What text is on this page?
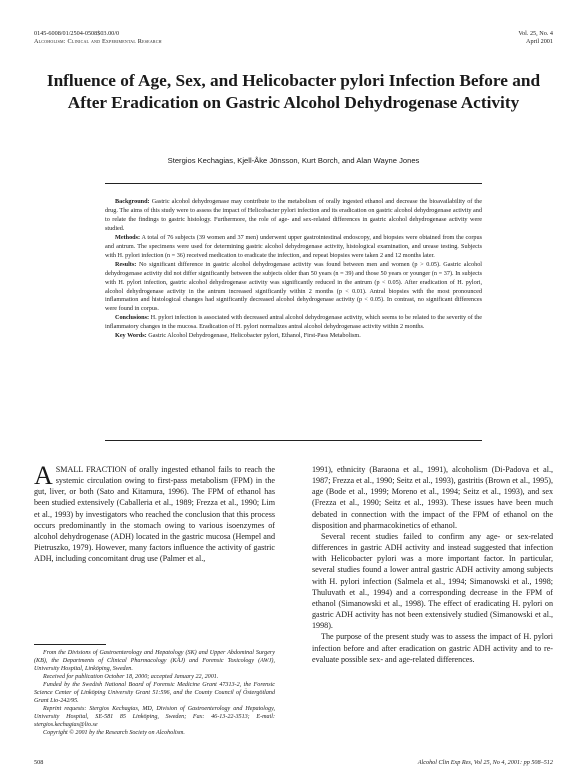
0145-6008/01/2504-0508$03.00/0
Alcoholism: Clinical and Experimental Research
Vol. 25, No. 4
April 2001
Influence of Age, Sex, and Helicobacter pylori Infection Before and After Eradication on Gastric Alcohol Dehydrogenase Activity
Stergios Kechagias, Kjell-Åke Jönsson, Kurt Borch, and Alan Wayne Jones

Background: Gastric alcohol dehydrogenase may contribute to the metabolism of orally ingested ethanol and decrease the bioavailability of the drug. The aims of this study were to assess the impact of Helicobacter pylori infection and its eradication on gastric alcohol dehydrogenase activity and to relate the findings to gastric histology. Furthermore, the role of age- and sex-related differences in gastric alcohol dehydrogenase activity were studied.

Methods: A total of 76 subjects (39 women and 37 men) underwent upper gastrointestinal endoscopy, and biopsies were obtained from the corpus and antrum. The specimens were used for determining gastric alcohol dehydrogenase activity, histological examination, and urease testing. Subjects with H. pylori infection (n = 36) received medication to eradicate the infection, and repeat biopsies were taken 2 and 12 months later.

Results: No significant difference in gastric alcohol dehydrogenase activity was found between men and women (p > 0.05). Gastric alcohol dehydrogenase activity did not differ significantly between the subjects older than 50 years (n = 39) and those 50 years or younger (n = 37). In subjects with H. pylori infection, gastric alcohol dehydrogenase activity was significantly reduced in the antrum (p < 0.05). After eradication of H. pylori, alcohol dehydrogenase activity in the antrum increased significantly within 2 months (p < 0.01). Antral biopsies with the most pronounced inflammation and histological changes had significantly decreased alcohol dehydrogenase activity (p < 0.05). In contrast, no significant differences were found in corpus.

Conclusions: H. pylori infection is associated with decreased antral alcohol dehydrogenase activity, which seems to be related to the severity of the inflammatory changes in the mucosa. Eradication of H. pylori normalizes antral alcohol dehydrogenase activity within 2 months.

Key Words: Gastric Alcohol Dehydrogenase, Helicobacter pylori, Ethanol, First-Pass Metabolism.

ASMALL FRACTION of orally ingested ethanol fails to reach the systemic circulation owing to first-pass metabolism (FPM) in the gut, liver, or both (Sato and Kitamura, 1996). The FPM of ethanol has been studied extensively (Caballeria et al., 1989; Frezza et al., 1990; Lim et al., 1993) by investigators who reached the conclusion that this process occurs predominantly in the stomach owing to various isoenzymes of alcohol dehydrogenase (ADH) located in the gastric mucosa (Hempel and Pietruszko, 1979). However, many factors influence the activity of gastric ADH, including concomitant drug use (Palmer et al.,

From the Divisions of Gastroenterology and Hepatology (SK) and Upper Abdominal Surgery (KB), the Departments of Clinical Pharmacology (KÅJ) and Forensic Toxicology (AWJ), University Hospital, Linköping, Sweden.

Received for publication October 18, 2000; accepted January 22, 2001.

Funded by the Swedish National Board of Forensic Medicine Grant 47313-2, the Forensic Science Center of Linköping University Grant 51:596, and the County Council of Östergötland Grant Lio-242/95.

Reprint requests: Stergios Kechagias, MD, Division of Gastroenterology and Hepatology, University Hospital, SE-581 85 Linköping, Sweden; Fax: 46-13-22-3513; E-mail: stergios.kechagias@lio.se

Copyright © 2001 by the Research Society on Alcoholism.

1991), ethnicity (Baraona et al., 1991), alcoholism (Di-Padova et al., 1987; Frezza et al., 1990; Seitz et al., 1993), gastritis (Brown et al., 1995), age (Bode et al., 1999; Moreno et al., 1994; Seitz et al., 1993), and sex (Frezza et al., 1990; Seitz et al., 1993). These issues have been much debated in connection with the impact of the FPM of ethanol on the disposition and pharmacokinetics of ethanol.

Several recent studies failed to confirm any age- or sex-related differences in gastric ADH activity and instead suggested that infection with Helicobacter pylori was a more important factor. In particular, several studies found a lower antral gastric ADH activity among subjects with H. pylori infection (Salmela et al., 1994; Simanowski et al., 1998; Thuluvath et al., 1994) and a corresponding decrease in the FPM of ethanol (Simanowski et al., 1998). The effect of eradicating H. pylori on gastric ADH activity has not been extensively studied (Simanowski et al., 1998).

The purpose of the present study was to assess the impact of H. pylori infection before and after eradication on gastric ADH activity and to re-evaluate possible sex- and age-related differences.

508	Alcohol Clin Exp Res, Vol 25, No 4, 2001: pp 508–512
